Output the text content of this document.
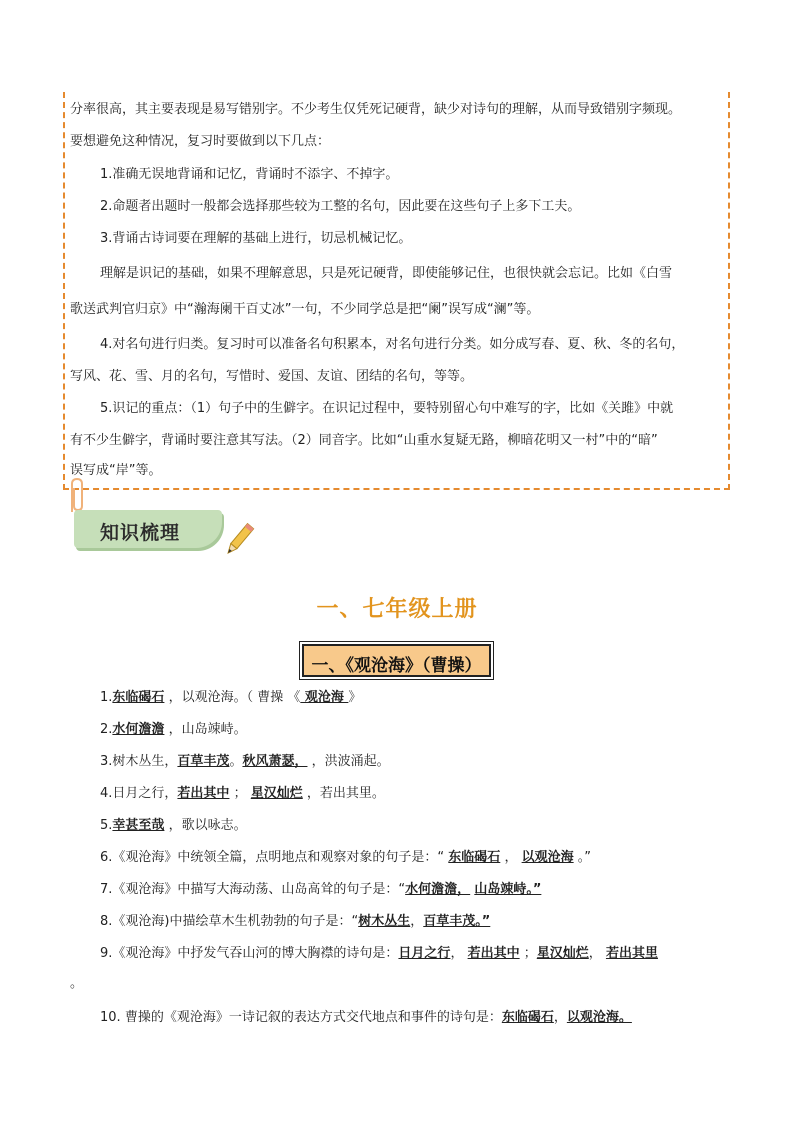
分率很高，其主要表现是易写错别字。不少考生仅凭死记硬背，缺少对诗句的理解，从而导致错别字频现。
要想避免这种情况，复习时要做到以下几点：
1.准确无误地背诵和记忆，背诵时不添字、不掉字。
2.命题者出题时一般都会选择那些较为工整的名句，因此要在这些句子上多下工夫。
3.背诵古诗词要在理解的基础上进行，切忌机械记忆。
理解是识记的基础，如果不理解意思，只是死记硬背，即使能够记住，也很快就会忘记。比如《白雪
歌送武判官归京》中“瀚海阑干百丈冰”一句，不少同学总是把“阑”误写成“澜”等。
4.对名句进行归类。复习时可以准备名句积累本，对名句进行分类。如分成写春、夏、秋、冬的名句，
写风、花、雪、月的名句，写惜时、爱国、友谊、团结的名句，等等。
5.识记的重点：（1）句子中的生僻字。在识记过程中，要特别留心句中难写的字，比如《关雎》中就
有不少生僻字，背诵时要注意其写法。（2）同音字。比如“山重水复疑无路，柳暗花明又一村”中的“暗”
误写成“岸”等。
知识梳理
一、七年级上册
一、《观沧海》（曹操）
1.东临碣石 ，以观沧海。（ 曹操 《 观沧海 》
2.水何澹澹 ，山岛竦峙。
3.树木丛生，百草丰茂。秋风萧瑟， ，洪波涌起。
4.日月之行，若出其中 ； 星汉灿烂 ，若出其里。
5.幸甚至哉 ，歌以咏志。
6.《观沧海》中统领全篇，点明地点和观察对象的句子是：“ 东临碣石 ， 以观沧海 。”
7.《观沧海》中描写大海动荡、山岛高耸的句子是：“水何澹澹， 山岛竦峙。”
8.《观沧海)中描绘草木生机勃勃的句子是：“树木丛生，百草丰茂。”
9.《观沧海》中抒发气吞山河的博大胸襟的诗句是：日月之行， 若出其中 ；星汉灿烂， 若出其里
。
10. 曹操的《观沧海》一诗记叙的表达方式交代地点和事件的诗句是：东临碣石，以观沧海。
